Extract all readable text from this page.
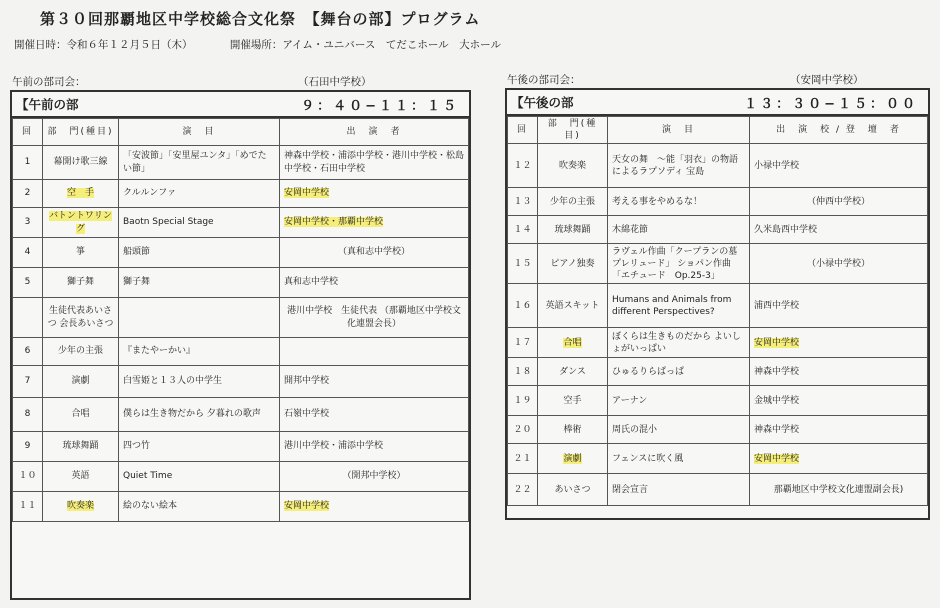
第３０回那覇地区中学校総合文化祭　【舞台の部】プログラム
開催日時：令和６年１２月５日（木）	開催場所：アイム・ユニバース　てだこホール　大ホール
午前の部司会：	（石田中学校）
【午前の部	９：４０−１１：１５
回	部　門(種目)	演　目	出　演　者
1	幕開け歌三線	「安波節」「安里屋ユンタ」「めでたい節」	神森中学校・浦添中学校・港川中学校・松島中学校・石田中学校
2	空　手	クルルンファ	安岡中学校
3	バトントワリング	Baotn Special Stage	安岡中学校・那覇中学校
4	箏	船頭節	（真和志中学校）
5	獅子舞	獅子舞	真和志中学校
	生徒代表あいさつ 会長あいさつ		港川中学校　生徒代表 （那覇地区中学校文化連盟会長）
6	少年の主張	『またやーかい』	
7	演劇	白雪姫と１３人の中学生	開邦中学校
8	合唱	僕らは生き物だから 夕暮れの歌声	石嶺中学校
9	琉球舞踊	四つ竹	港川中学校・浦添中学校
１０	英語	Quiet Time	（開邦中学校）
１１	吹奏楽	絵のない絵本	安岡中学校
午後の部司会：	（安岡中学校）
【午後の部	１３：３０−１５：００
回	部　門(種目)	演　目	出　演　校 / 登　壇　者
１２	吹奏楽	天女の舞　〜能「羽衣」の物語によるラプソディ 宝島	小禄中学校
１３	少年の主張	考える事をやめるな！	（仲西中学校）
１４	琉球舞踊	木綿花節	久米島西中学校
１５	ピアノ独奏	ラヴェル作曲「クープランの墓　プレリュード」 ショパン作曲「エチュード　Op.25-3」	（小禄中学校）
１６	英語スキット	Humans and Animals from different Perspectives?	浦西中学校
１７	合唱	ぼくらは生きものだから よいしょがいっぱい	安岡中学校
１８	ダンス	ひゅるりらぱっぱ	神森中学校
１９	空手	アーナン	金城中学校
２０	棒術	周氏の混小	神森中学校
２１	演劇	フェンスに吹く風	安岡中学校
２２	あいさつ	閉会宣言	那覇地区中学校文化連盟副会長)
